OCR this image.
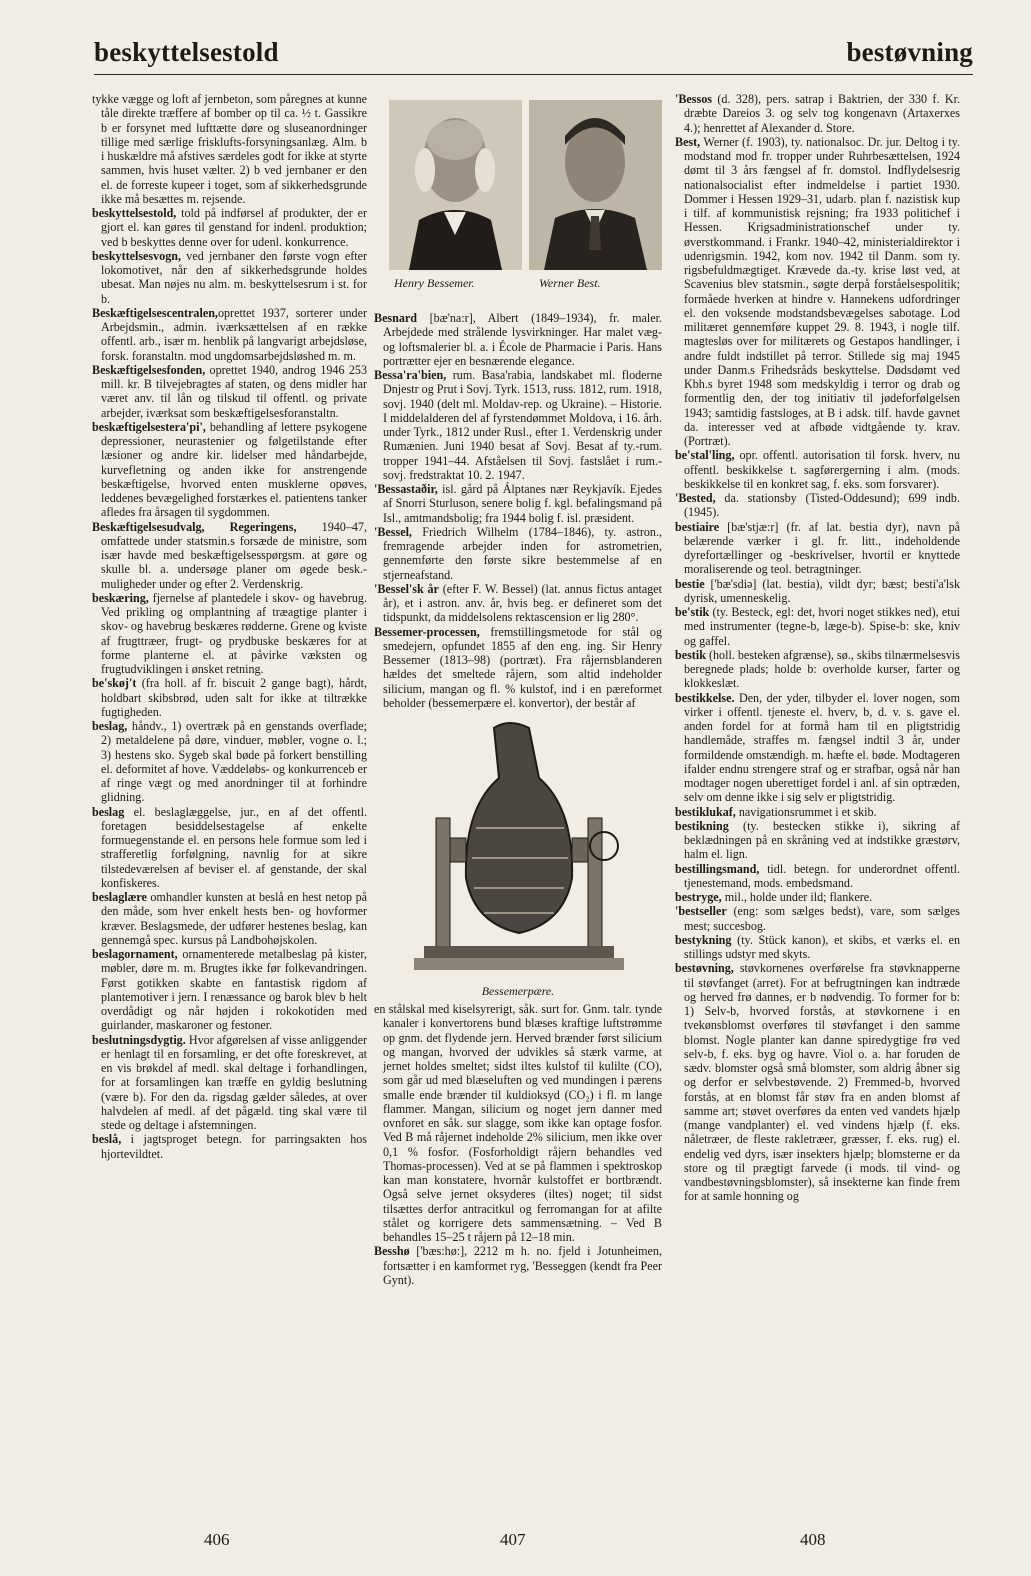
beskyttelsestold	bestøvning

tykke vægge og loft af jernbeton, som påregnes at kunne tåle direkte træffere af bomber op til ca. ½ t. Gassikre b er forsynet med lufttætte døre og sluseanordninger tillige med særlige frisklufts-forsyningsanlæg. Alm. b i huskældre må afstives særdeles godt for ikke at styrte sammen, hvis huset vælter. 2) b ved jernbaner er den el. de forreste kupeer i toget, som af sikkerhedsgrunde ikke må besættes m. rejsende.

beskyttelsestold, told på indførsel af produkter, der er gjort el. kan gøres til genstand for indenl. produktion; ved b beskyttes denne over for udenl. konkurrence.

beskyttelsesvogn, ved jernbaner den første vogn efter lokomotivet, når den af sikkerhedsgrunde holdes ubesat. Man nøjes nu alm. m. beskyttelsesrum i st. for b.

Beskæftigelsescentralen,oprettet 1937, sorterer under Arbejdsmin., admin. iværksættelsen af en række offentl. arb., især m. henblik på langvarigt arbejdsløse, forsk. foranstaltn. mod ungdomsarbejdsløshed m. m.

Beskæftigelsesfonden, oprettet 1940, androg 1946 253 mill. kr. B tilvejebragtes af staten, og dens midler har været anv. til lån og tilskud til offentl. og private arbejder, iværksat som beskæftigelsesforanstaltn.

beskæftigelsestera'pi', behandling af lettere psykogene depressioner, neurastenier og følgetilstande efter læsioner og andre kir. lidelser med håndarbejde, kurvefletning og anden ikke for anstrengende beskæftigelse, hvorved enten musklerne opøves, leddenes bevægelighed forstærkes el. patientens tanker afledes fra årsagen til sygdommen.

Beskæftigelsesudvalg, Regeringens, 1940–47, omfattede under statsmin.s forsæde de ministre, som især havde med beskæftigelsesspørgsm. at gøre og skulle bl. a. undersøge planer om øgede besk.-muligheder under og efter 2. Verdenskrig.

beskæring, fjernelse af plantedele i skov- og havebrug. Ved prikling og omplantning af træagtige planter i skov- og havebrug beskæres rødderne. Grene og kviste af frugttræer, frugt- og prydbuske beskæres for at forme planterne el. at påvirke væksten og frugtudviklingen i ønsket retning.

be'skøj't (fra holl. af fr. biscuit 2 gange bagt), hårdt, holdbart skibsbrød, uden salt for ikke at tiltrække fugtigheden.

beslag, håndv., 1) overtræk på en genstands overflade; 2) metaldelene på døre, vinduer, møbler, vogne o. l.; 3) hestens sko. Sygeb skal bøde på forkert benstilling el. deformitet af hove. Væddeløbs- og konkurrenceb er af ringe vægt og med anordninger til at forhindre glidning.

beslag el. beslaglæggelse, jur., en af det offentl. foretagen besiddelsestagelse af enkelte formuegenstande el. en persons hele formue som led i strafferetlig forfølgning, navnlig for at sikre tilstedeværelsen af beviser el. af genstande, der skal konfiskeres.

beslaglære omhandler kunsten at beslå en hest netop på den måde, som hver enkelt hests ben- og hovformer kræver. Beslagsmede, der udfører hestenes beslag, kan gennemgå spec. kursus på Landbohøjskolen.

beslagornament, ornamenterede metalbeslag på kister, møbler, døre m. m. Brugtes ikke før folkevandringen. Først gotikken skabte en fantastisk rigdom af plantemotiver i jern. I renæssance og barok blev b helt overdådigt og når højden i rokokotiden med guirlander, maskaroner og festoner.

beslutningsdygtig. Hvor afgørelsen af visse anliggender er henlagt til en forsamling, er det ofte foreskrevet, at en vis brøkdel af medl. skal deltage i forhandlingen, for at forsamlingen kan træffe en gyldig beslutning (være b). For den da. rigsdag gælder således, at over halvdelen af medl. af det pågæld. ting skal være til stede og deltage i afstemningen.

beslå, i jagtsproget betegn. for parringsakten hos hjortevildtet.

Henry Bessemer.	Werner Best.

Besnard [bæ'na:r], Albert (1849–1934), fr. maler. Arbejdede med strålende lysvirkninger. Har malet væg- og loftsmalerier bl. a. i École de Pharmacie i Paris. Hans portrætter ejer en besnærende elegance.

Bessa'ra'bien, rum. Basa'rabia, landskabet ml. floderne Dnjestr og Prut i Sovj. Tyrk. 1513, russ. 1812, rum. 1918, sovj. 1940 (delt ml. Moldav-rep. og Ukraine). – Historie. I middelalderen del af fyrstendømmet Moldova, i 16. årh. under Tyrk., 1812 under Rusl., efter 1. Verdenskrig under Rumænien. Juni 1940 besat af Sovj. Besat af ty.-rum. tropper 1941–44. Afståelsen til Sovj. fastslået i rum.-sovj. fredstraktat 10. 2. 1947.

'Bessastaðir, isl. gård på Álptanes nær Reykjavík. Ejedes af Snorri Sturluson, senere bolig f. kgl. befalingsmand på Isl., amtmandsbolig; fra 1944 bolig f. isl. præsident.

'Bessel, Friedrich Wilhelm (1784–1846), ty. astron., fremragende arbejder inden for astrometrien, gennemførte den første sikre bestemmelse af en stjerneafstand.

'Bessel'sk år (efter F. W. Bessel) (lat. annus fictus antaget år), et i astron. anv. år, hvis beg. er defineret som det tidspunkt, da middelsolens rektascension er lig 280°.

Bessemer-processen, fremstillingsmetode for stål og smedejern, opfundet 1855 af den eng. ing. Sir Henry Bessemer (1813–98) (portræt). Fra råjernsblanderen hældes det smeltede råjern, som altid indeholder silicium, mangan og fl. % kulstof, ind i en pæreformet beholder (bessemerpære el. konvertor), der består af

Bessemerpære.

en stålskal med kiselsyrerigt, såk. surt for. Gnm. talr. tynde kanaler i konvertorens bund blæses kraftige luftstrømme op gnm. det flydende jern. Herved brænder først silicium og mangan, hvorved der udvikles så stærk varme, at jernet holdes smeltet; sidst iltes kulstof til kulilte (CO), som går ud med blæseluften og ved mundingen i pærens smalle ende brænder til kuldioksyd (CO₂) i fl. m lange flammer. Mangan, silicium og noget jern danner med ovnforet en såk. sur slagge, som ikke kan optage fosfor. Ved B må råjernet indeholde 2% silicium, men ikke over 0,1 % fosfor. (Fosforholdigt råjern behandles ved Thomas-processen). Ved at se på flammen i spektroskop kan man konstatere, hvornår kulstoffet er bortbrændt. Også selve jernet oksyderes (iltes) noget; til sidst tilsættes derfor antracitkul og ferromangan for at afilte stålet og korrigere dets sammensætning. – Ved B behandles 15–25 t råjern på 12–18 min.

Besshø ['bæs:hø:], 2212 m h. no. fjeld i Jotunheimen, fortsætter i en kamformet ryg, 'Besseggen (kendt fra Peer Gynt).

'Bessos (d. 328), pers. satrap i Baktrien, der 330 f. Kr. dræbte Dareios 3. og selv tog kongenavn (Artaxerxes 4.); henrettet af Alexander d. Store.

Best, Werner (f. 1903), ty. nationalsoc. Dr. jur. Deltog i ty. modstand mod fr. tropper under Ruhrbesættelsen, 1924 dømt til 3 års fængsel af fr. domstol. Indflydelsesrig nationalsocialist efter indmeldelse i partiet 1930. Dommer i Hessen 1929–31, udarb. plan f. nazistisk kup i tilf. af kommunistisk rejsning; fra 1933 politichef i Hessen. Krigsadministrationschef under ty. øverstkommand. i Frankr. 1940–42, ministerialdirektor i udenrigsmin. 1942, kom nov. 1942 til Danm. som ty. rigsbefuldmægtiget. Krævede da.-ty. krise løst ved, at Scavenius blev statsmin., søgte derpå forståelsespolitik; formåede hverken at hindre v. Hannekens udfordringer el. den voksende modstandsbevægelses sabotage. Lod militæret gennemføre kuppet 29. 8. 1943, i nogle tilf. magtesløs over for militærets og Gestapos handlinger, i andre fuldt indstillet på terror. Stillede sig maj 1945 under Danm.s Frihedsråds beskyttelse. Dødsdømt ved Kbh.s byret 1948 som medskyldig i terror og drab og formentlig den, der tog initiativ til jødeforfølgelsen 1943; samtidig fastsloges, at B i adsk. tilf. havde gavnet da. interesser ved at afbøde vidtgående ty. krav. (Portræt).

be'stal'ling, opr. offentl. autorisation til forsk. hverv, nu offentl. beskikkelse t. sagførergerning i alm. (mods. beskikkelse til en konkret sag, f. eks. som forsvarer).

'Bested, da. stationsby (Tisted-Oddesund); 699 indb. (1945).

bestiaire [bæ'stjæ:r] (fr. af lat. bestia dyr), navn på belærende værker i gl. fr. litt., indeholdende dyrefortællinger og -beskrivelser, hvortil er knyttede moraliserende og teol. betragtninger.

bestie ['bæ'sdiə] (lat. bestia), vildt dyr; bæst; besti'a'lsk dyrisk, umenneskelig.

be'stik (ty. Besteck, egl: det, hvori noget stikkes ned), etui med instrumenter (tegne-b, læge-b). Spise-b: ske, kniv og gaffel.

bestik (holl. besteken afgrænse), sø., skibs tilnærmelsesvis beregnede plads; holde b: overholde kurser, farter og klokkeslæt.

bestikkelse. Den, der yder, tilbyder el. lover nogen, som virker i offentl. tjeneste el. hverv, b, d. v. s. gave el. anden fordel for at formå ham til en pligtstridig handlemåde, straffes m. fængsel indtil 3 år, under formildende omstændigh. m. hæfte el. bøde. Modtageren ifalder endnu strengere straf og er strafbar, også når han modtager nogen uberettiget fordel i anl. af sin optræden, selv om denne ikke i sig selv er pligtstridig.

bestiklukaf, navigationsrummet i et skib.

bestikning (ty. bestecken stikke i), sikring af beklædningen på en skråning ved at indstikke græstørv, halm el. lign.

bestillingsmand, tidl. betegn. for underordnet offentl. tjenestemand, mods. embedsmand.

bestryge, mil., holde under ild; flankere.

'bestseller (eng: som sælges bedst), vare, som sælges mest; succesbog.

bestykning (ty. Stück kanon), et skibs, et værks el. en stillings udstyr med skyts.

bestøvning, støvkornenes overførelse fra støvknapperne til støvfanget (arret). For at befrugtningen kan indtræde og herved frø dannes, er b nødvendig. To former for b: 1) Selv-b, hvorved forstås, at støvkornene i en tvekønsblomst overføres til støvfanget i den samme blomst. Nogle planter kan danne spiredygtige frø ved selv-b, f. eks. byg og havre. Viol o. a. har foruden de sædv. blomster også små blomster, som aldrig åbner sig og derfor er selvbestøvende. 2) Fremmed-b, hvorved forstås, at en blomst får støv fra en anden blomst af samme art; støvet overføres da enten ved vandets hjælp (mange vandplanter) el. ved vindens hjælp (f. eks. nåletræer, de fleste rakletræer, græsser, f. eks. rug) el. endelig ved dyrs, især insekters hjælp; blomsterne er da store og til prægtigt farvede (i mods. til vind- og vandbestøvningsblomster), så insekterne kan finde frem for at samle honning og

406	407	408
